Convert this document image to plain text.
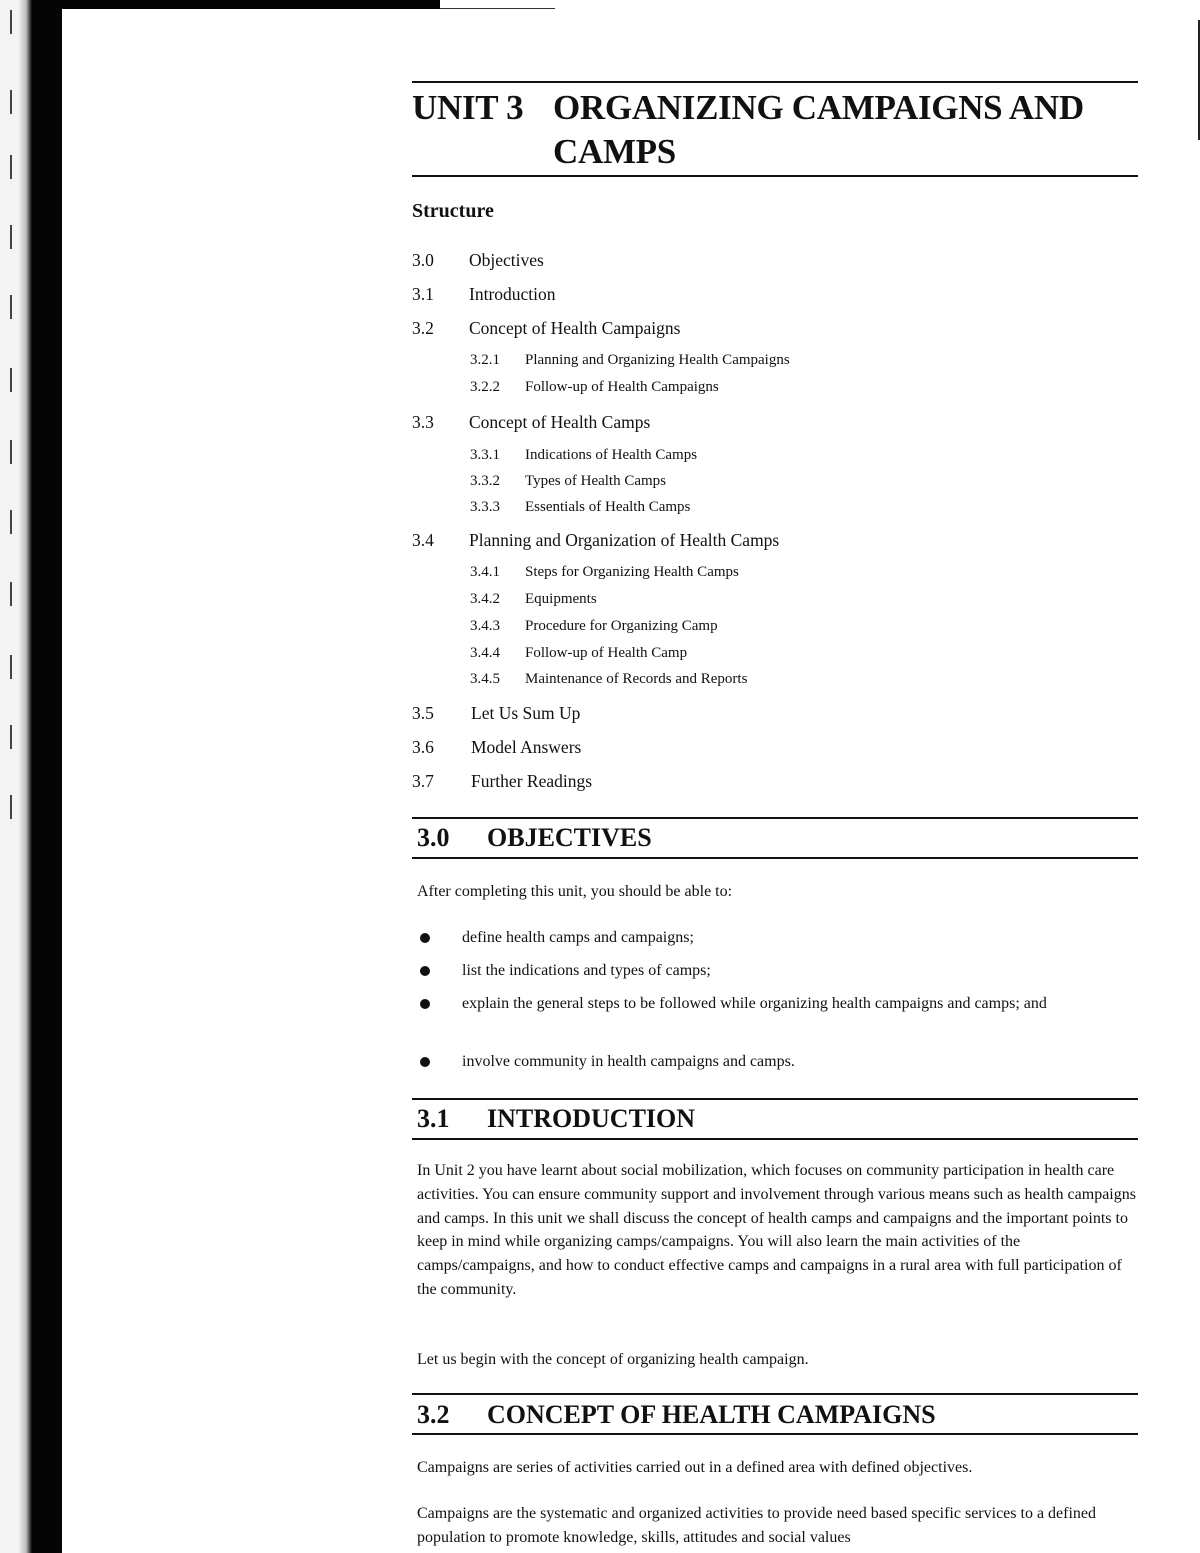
UNIT 3 ORGANIZING CAMPAIGNS AND CAMPS
Structure
3.0 Objectives
3.1 Introduction
3.2 Concept of Health Campaigns
3.2.1 Planning and Organizing Health Campaigns
3.2.2 Follow-up of Health Campaigns
3.3 Concept of Health Camps
3.3.1 Indications of Health Camps
3.3.2 Types of Health Camps
3.3.3 Essentials of Health Camps
3.4 Planning and Organization of Health Camps
3.4.1 Steps for Organizing Health Camps
3.4.2 Equipments
3.4.3 Procedure for Organizing Camp
3.4.4 Follow-up of Health Camp
3.4.5 Maintenance of Records and Reports
3.5 Let Us Sum Up
3.6 Model Answers
3.7 Further Readings
3.0 OBJECTIVES
After completing this unit, you should be able to:
define health camps and campaigns;
list the indications and types of camps;
explain the general steps to be followed while organizing health campaigns and camps; and
involve community in health campaigns and camps.
3.1 INTRODUCTION
In Unit 2 you have learnt about social mobilization, which focuses on community participation in health care activities. You can ensure community support and involvement through various means such as health campaigns and camps. In this unit we shall discuss the concept of health camps and campaigns and the important points to keep in mind while organizing camps/campaigns. You will also learn the main activities of the camps/campaigns, and how to conduct effective camps and campaigns in a rural area with full participation of the community.
Let us begin with the concept of organizing health campaign.
3.2 CONCEPT OF HEALTH CAMPAIGNS
Campaigns are series of activities carried out in a defined area with defined objectives.
Campaigns are the systematic and organized activities to provide need based specific services to a defined population to promote knowledge, skills, attitudes and social values
